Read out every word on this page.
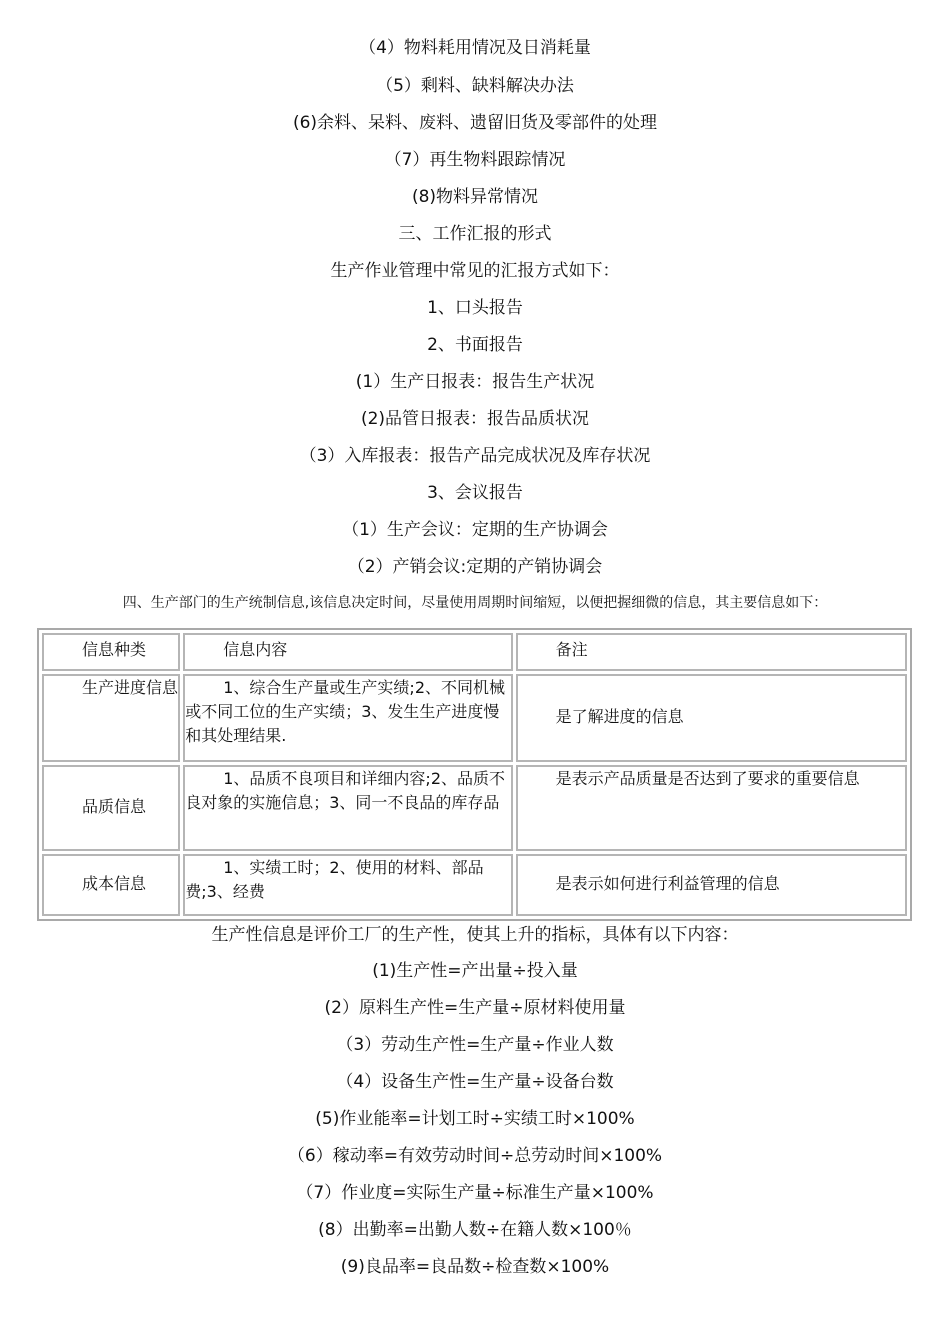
（4）物料耗用情况及日消耗量
（5）剩料、缺料解决办法
(6)余料、呆料、废料、遗留旧货及零部件的处理
（7）再生物料跟踪情况
(8)物料异常情况
三、工作汇报的形式
生产作业管理中常见的汇报方式如下：
1、口头报告
2、书面报告
(1）生产日报表：报告生产状况
(2)品管日报表：报告品质状况
（3）入库报表：报告产品完成状况及库存状况
3、会议报告
（1）生产会议：定期的生产协调会
（2）产销会议:定期的产销协调会
四、生产部门的生产统制信息,该信息决定时间，尽量使用周期时间缩短，以便把握细微的信息，其主要信息如下：
信息种类	信息内容	备注
生产进度信息	1、综合生产量或生产实绩;2、不同机械或不同工位的生产实绩；3、发生生产进度慢和其处理结果.	是了解进度的信息
品质信息	1、品质不良项目和详细内容;2、品质不良对象的实施信息；3、同一不良品的库存品	是表示产品质量是否达到了要求的重要信息
成本信息	1、实绩工时；2、使用的材料、部品费;3、经费	是表示如何进行利益管理的信息
生产性信息是评价工厂的生产性，使其上升的指标，具体有以下内容：
(1)生产性=产出量÷投入量
(2）原料生产性=生产量÷原材料使用量
（3）劳动生产性=生产量÷作业人数
（4）设备生产性=生产量÷设备台数
(5)作业能率=计划工时÷实绩工时×100%
（6）稼动率=有效劳动时间÷总劳动时间×100%
（7）作业度=实际生产量÷标准生产量×100%
(8）出勤率=出勤人数÷在籍人数×100％
(9)良品率=良品数÷检查数×100%
